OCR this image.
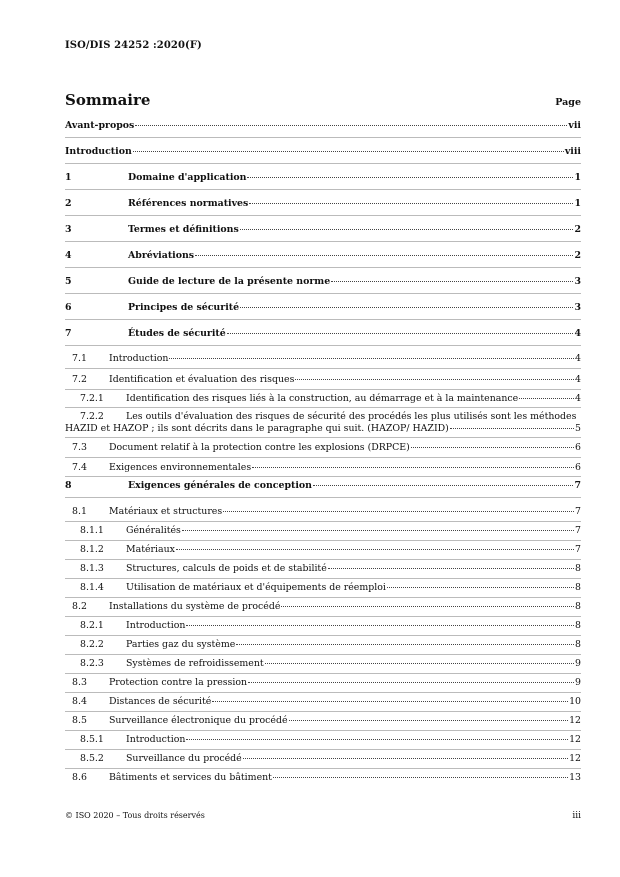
ISO/DIS 24252 :2020(F)
Sommaire	Page
Avant-propos	vii
Introduction	viii
1	Domaine d'application	1
2	Références normatives	1
3	Termes et définitions	2
4	Abréviations	2
5	Guide de lecture de la présente norme	3
6	Principes de sécurité	3
7	Études de sécurité	4
7.1	Introduction	4
7.2	Identification et évaluation des risques	4
7.2.1	Identification des risques liés à la construction, au démarrage et à la maintenance	4
7.2.2 Les outils d'évaluation des risques de sécurité des procédés les plus utilisés sont les méthodes
HAZID et HAZOP ; ils sont décrits dans le paragraphe qui suit. (HAZOP/ HAZID)	5
7.3	Document relatif à la protection contre les explosions (DRPCE)	6
7.4	Exigences environnementales	6
8	Exigences générales de conception	7
8.1	Matériaux et structures	7
8.1.1	Généralités	7
8.1.2	Matériaux	7
8.1.3	Structures, calculs de poids et de stabilité	8
8.1.4	Utilisation de matériaux et d'équipements de réemploi	8
8.2	Installations du système de procédé	8
8.2.1	Introduction	8
8.2.2	Parties gaz du système	8
8.2.3	Systèmes de refroidissement	9
8.3	Protection contre la pression	9
8.4	Distances de sécurité	10
8.5	Surveillance électronique du procédé	12
8.5.1	Introduction	12
8.5.2	Surveillance du procédé	12
8.6	Bâtiments et services du bâtiment	13
© ISO 2020 – Tous droits réservés	iii
